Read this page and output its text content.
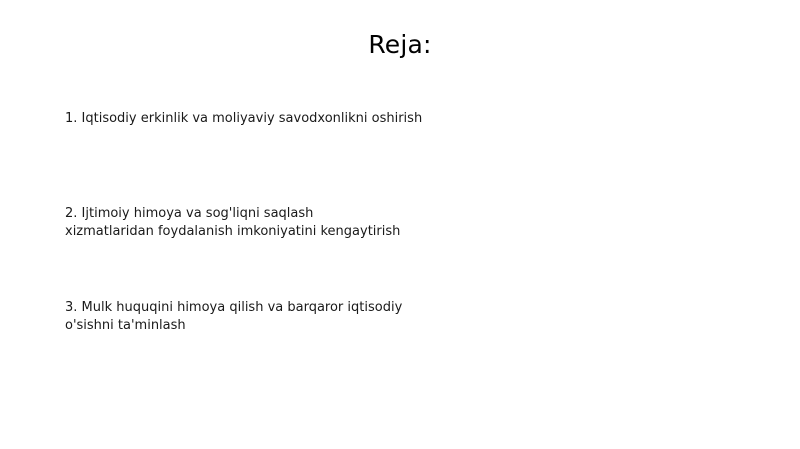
Reja:
1. Iqtisodiy erkinlik va moliyaviy savodxonlikni oshirish
2. Ijtimoiy himoya va sog'liqni saqlash xizmatlaridan foydalanish imkoniyatini kengaytirish
3. Mulk huquqini himoya qilish va barqaror iqtisodiy o'sishni ta'minlash
